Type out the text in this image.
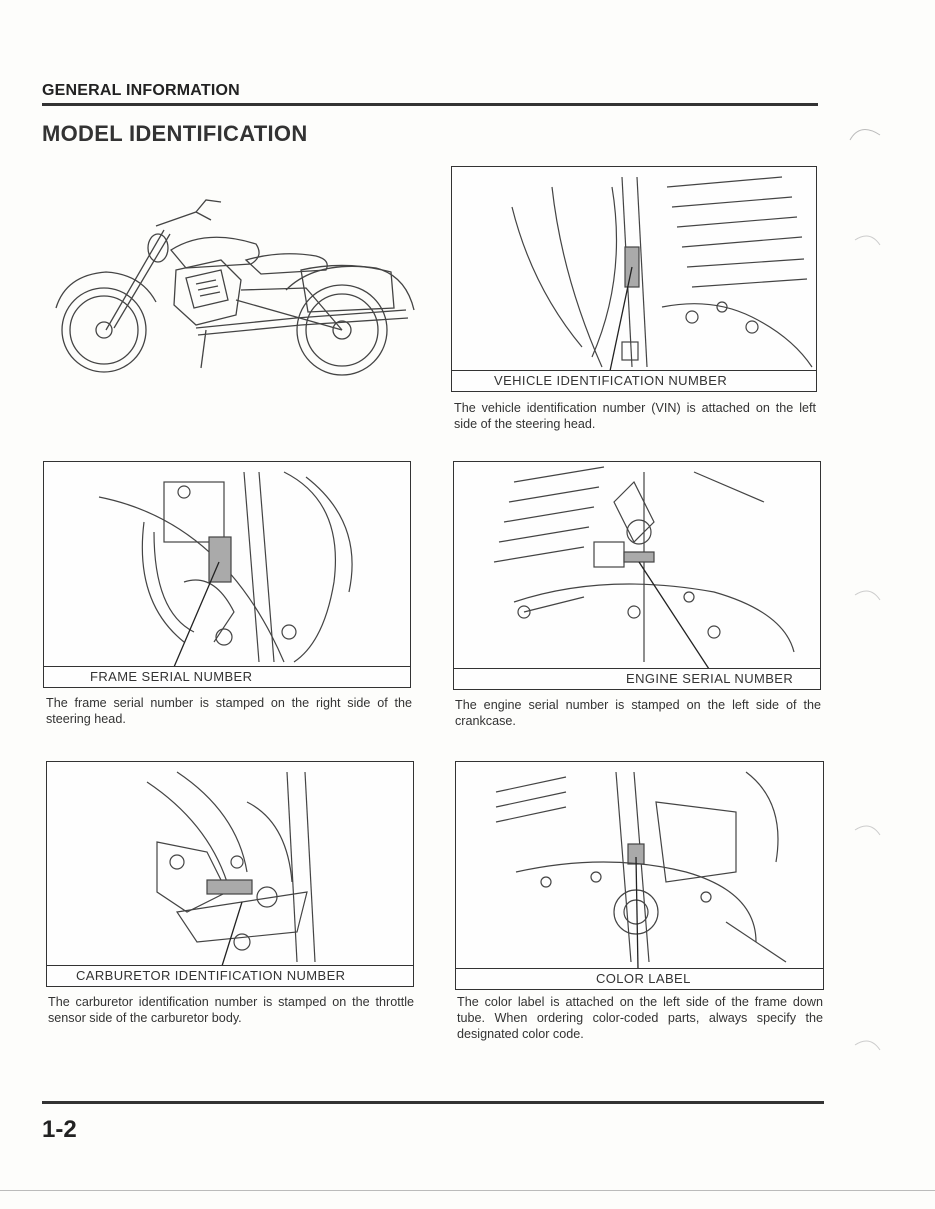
GENERAL INFORMATION
MODEL IDENTIFICATION
VEHICLE IDENTIFICATION NUMBER

The vehicle identification number (VIN) is attached on the left side of the steering head.

FRAME SERIAL NUMBER

The frame serial number is stamped on the right side of the steering head.

ENGINE SERIAL NUMBER

The engine serial number is stamped on the left side of the crankcase.

CARBURETOR IDENTIFICATION NUMBER

The carburetor identification number is stamped on the throttle sensor side of the carburetor body.

COLOR LABEL

The color label is attached on the left side of the frame down tube. When ordering color-coded parts, always specify the designated color code.

1-2
